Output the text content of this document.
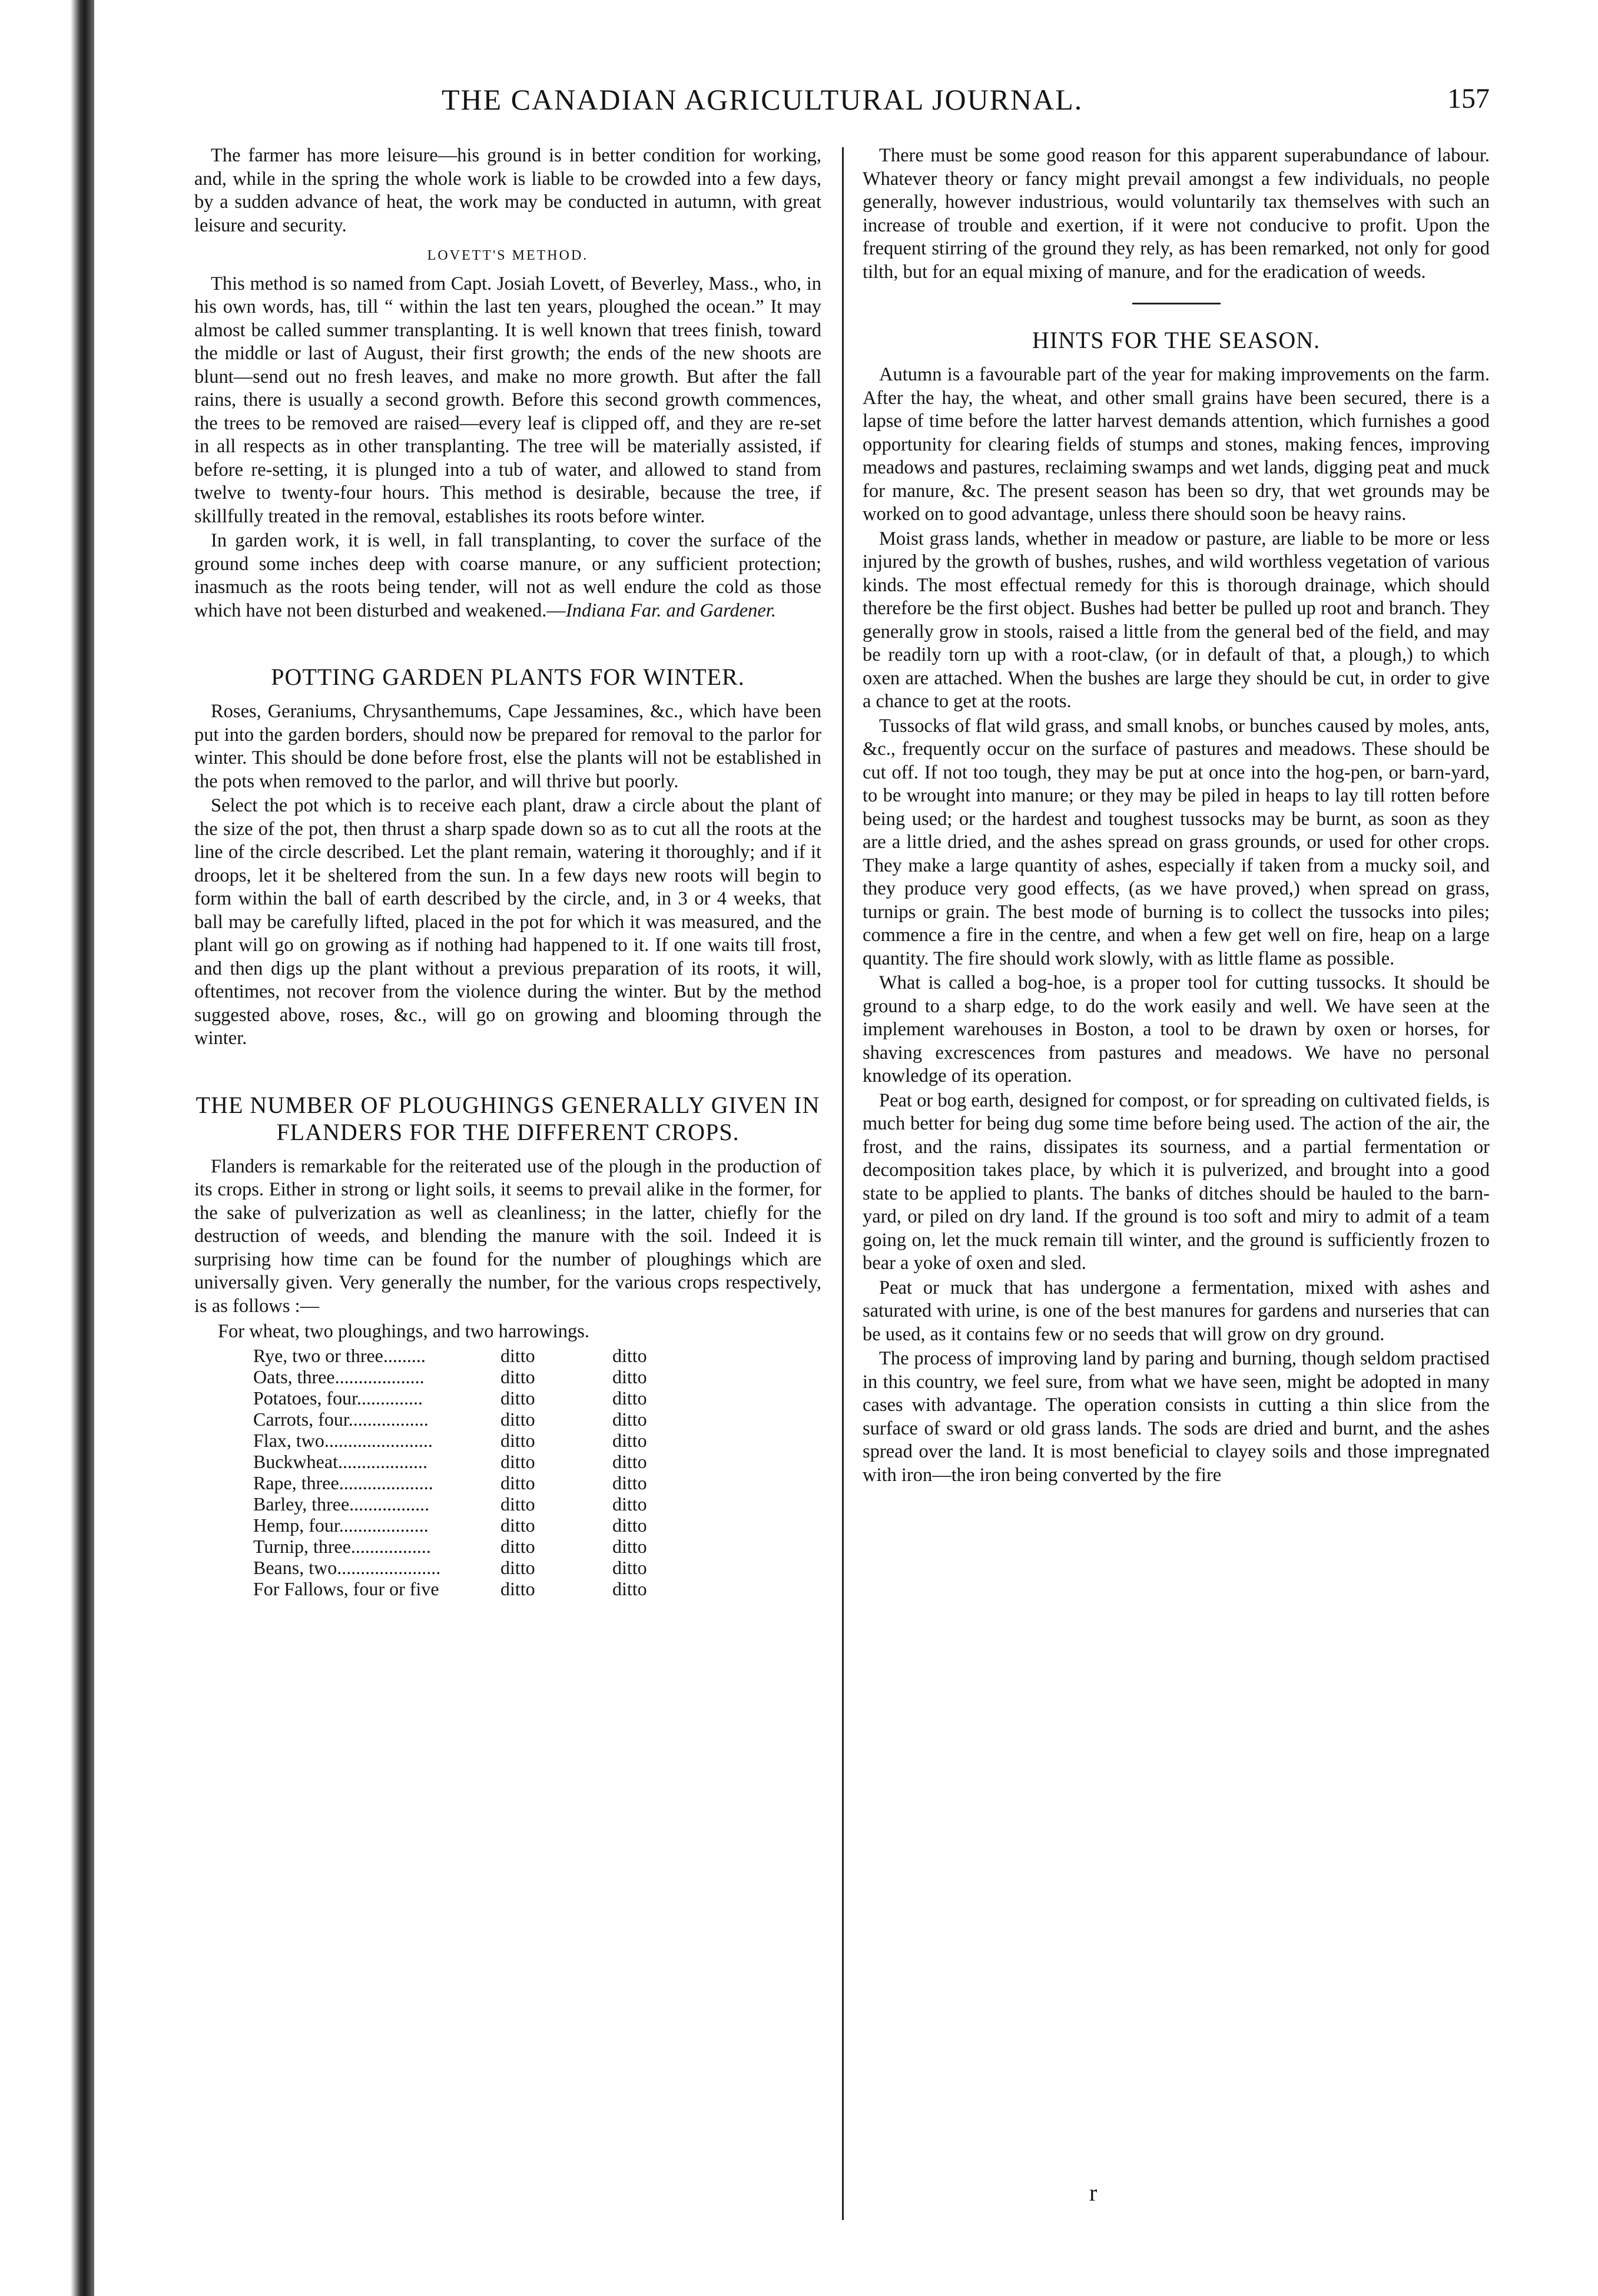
THE CANADIAN AGRICULTURAL JOURNAL.	157

The farmer has more leisure—his ground is in better condition for working, and, while in the spring the whole work is liable to be crowded into a few days, by a sudden advance of heat, the work may be conducted in autumn, with great leisure and security.

LOVETT'S METHOD.

This method is so named from Capt. Josiah Lovett, of Beverley, Mass., who, in his own words, has, till “ within the last ten years, ploughed the ocean.” It may almost be called summer transplanting. It is well known that trees finish, toward the middle or last of August, their first growth; the ends of the new shoots are blunt—send out no fresh leaves, and make no more growth. But after the fall rains, there is usually a second growth. Before this second growth commences, the trees to be removed are raised—every leaf is clipped off, and they are re-set in all respects as in other transplanting. The tree will be materially assisted, if before re-setting, it is plunged into a tub of water, and allowed to stand from twelve to twenty-four hours. This method is desirable, because the tree, if skillfully treated in the removal, establishes its roots before winter.

In garden work, it is well, in fall transplanting, to cover the surface of the ground some inches deep with coarse manure, or any sufficient protection; inasmuch as the roots being tender, will not as well endure the cold as those which have not been disturbed and weakened.—Indiana Far. and Gardener.

POTTING GARDEN PLANTS FOR WINTER.

Roses, Geraniums, Chrysanthemums, Cape Jessamines, &c., which have been put into the garden borders, should now be prepared for removal to the parlor for winter. This should be done before frost, else the plants will not be established in the pots when removed to the parlor, and will thrive but poorly.

Select the pot which is to receive each plant, draw a circle about the plant of the size of the pot, then thrust a sharp spade down so as to cut all the roots at the line of the circle described. Let the plant remain, watering it thoroughly; and if it droops, let it be sheltered from the sun. In a few days new roots will begin to form within the ball of earth described by the circle, and, in 3 or 4 weeks, that ball may be carefully lifted, placed in the pot for which it was measured, and the plant will go on growing as if nothing had happened to it. If one waits till frost, and then digs up the plant without a previous preparation of its roots, it will, oftentimes, not recover from the violence during the winter. But by the method suggested above, roses, &c., will go on growing and blooming through the winter.

THE NUMBER OF PLOUGHINGS GENERALLY GIVEN IN FLANDERS FOR THE DIFFERENT CROPS.

Flanders is remarkable for the reiterated use of the plough in the production of its crops. Either in strong or light soils, it seems to prevail alike in the former, for the sake of pulverization as well as cleanliness; in the latter, chiefly for the destruction of weeds, and blending the manure with the soil. Indeed it is surprising how time can be found for the number of ploughings which are universally given. Very generally the number, for the various crops respectively, is as follows :—

For wheat, two ploughings, and two harrowings.

Rye, two or three.........	ditto	ditto
Oats, three...................	ditto	ditto
Potatoes, four..............	ditto	ditto
Carrots, four.................	ditto	ditto
Flax, two.......................	ditto	ditto
Buckwheat...................	ditto	ditto
Rape, three....................	ditto	ditto
Barley, three.................	ditto	ditto
Hemp, four...................	ditto	ditto
Turnip, three.................	ditto	ditto
Beans, two......................	ditto	ditto
For Fallows, four or five	ditto	ditto

There must be some good reason for this apparent superabundance of labour. Whatever theory or fancy might prevail amongst a few individuals, no people generally, however industrious, would voluntarily tax themselves with such an increase of trouble and exertion, if it were not conducive to profit. Upon the frequent stirring of the ground they rely, as has been remarked, not only for good tilth, but for an equal mixing of manure, and for the eradication of weeds.

HINTS FOR THE SEASON.

Autumn is a favourable part of the year for making improvements on the farm. After the hay, the wheat, and other small grains have been secured, there is a lapse of time before the latter harvest demands attention, which furnishes a good opportunity for clearing fields of stumps and stones, making fences, improving meadows and pastures, reclaiming swamps and wet lands, digging peat and muck for manure, &c. The present season has been so dry, that wet grounds may be worked on to good advantage, unless there should soon be heavy rains.

Moist grass lands, whether in meadow or pasture, are liable to be more or less injured by the growth of bushes, rushes, and wild worthless vegetation of various kinds. The most effectual remedy for this is thorough drainage, which should therefore be the first object. Bushes had better be pulled up root and branch. They generally grow in stools, raised a little from the general bed of the field, and may be readily torn up with a root-claw, (or in default of that, a plough,) to which oxen are attached. When the bushes are large they should be cut, in order to give a chance to get at the roots.

Tussocks of flat wild grass, and small knobs, or bunches caused by moles, ants, &c., frequently occur on the surface of pastures and meadows. These should be cut off. If not too tough, they may be put at once into the hog-pen, or barn-yard, to be wrought into manure; or they may be piled in heaps to lay till rotten before being used; or the hardest and toughest tussocks may be burnt, as soon as they are a little dried, and the ashes spread on grass grounds, or used for other crops. They make a large quantity of ashes, especially if taken from a mucky soil, and they produce very good effects, (as we have proved,) when spread on grass, turnips or grain. The best mode of burning is to collect the tussocks into piles; commence a fire in the centre, and when a few get well on fire, heap on a large quantity. The fire should work slowly, with as little flame as possible.

What is called a bog-hoe, is a proper tool for cutting tussocks. It should be ground to a sharp edge, to do the work easily and well. We have seen at the implement warehouses in Boston, a tool to be drawn by oxen or horses, for shaving excrescences from pastures and meadows. We have no personal knowledge of its operation.

Peat or bog earth, designed for compost, or for spreading on cultivated fields, is much better for being dug some time before being used. The action of the air, the frost, and the rains, dissipates its sourness, and a partial fermentation or decomposition takes place, by which it is pulverized, and brought into a good state to be applied to plants. The banks of ditches should be hauled to the barn-yard, or piled on dry land. If the ground is too soft and miry to admit of a team going on, let the muck remain till winter, and the ground is sufficiently frozen to bear a yoke of oxen and sled.

Peat or muck that has undergone a fermentation, mixed with ashes and saturated with urine, is one of the best manures for gardens and nurseries that can be used, as it contains few or no seeds that will grow on dry ground.

The process of improving land by paring and burning, though seldom practised in this country, we feel sure, from what we have seen, might be adopted in many cases with advantage. The operation consists in cutting a thin slice from the surface of sward or old grass lands. The sods are dried and burnt, and the ashes spread over the land. It is most beneficial to clayey soils and those impregnated with iron—the iron being converted by the fire

r
